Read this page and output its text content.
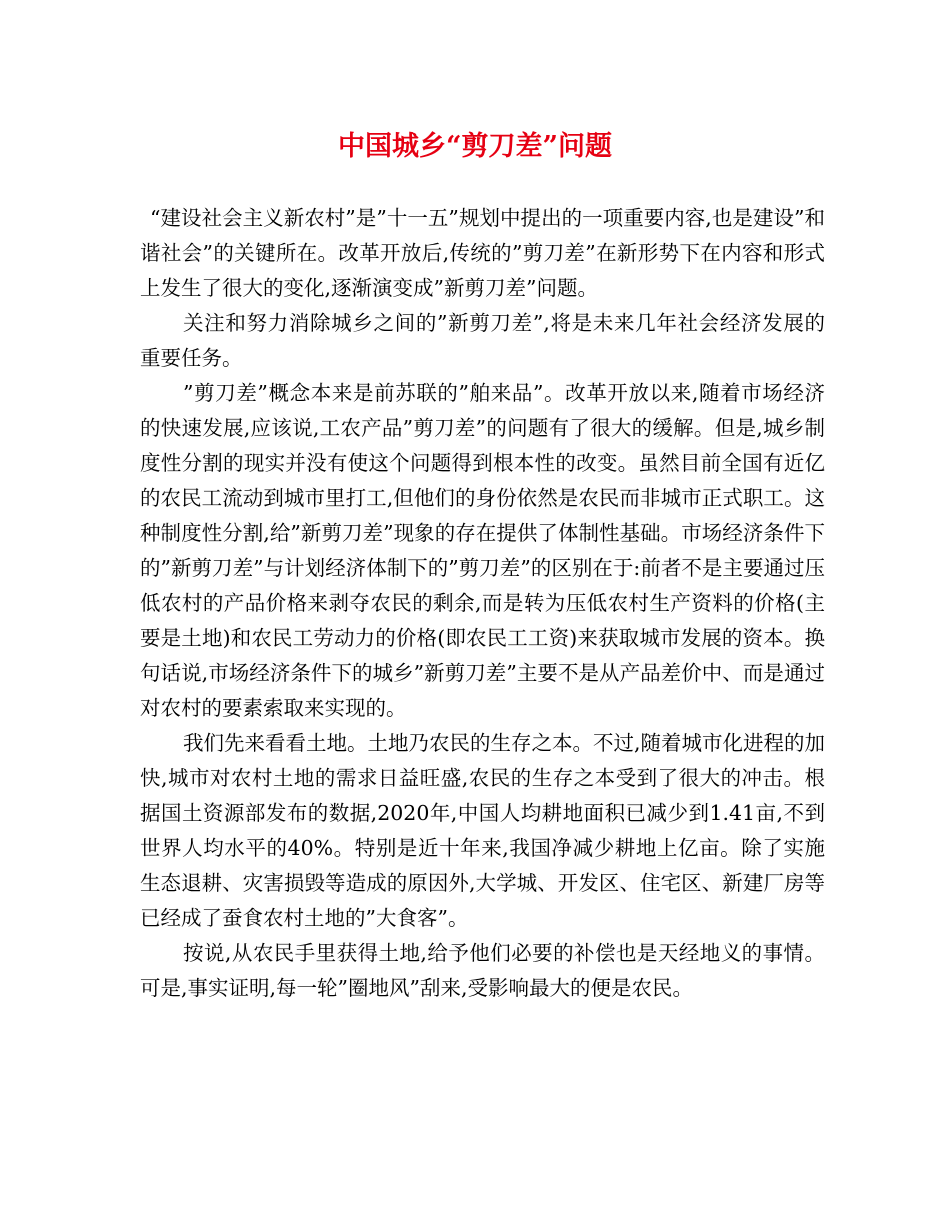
中国城乡“剪刀差”问题

“建设社会主义新农村”是”十一五”规划中提出的一项重要内容,也是建设”和谐社会”的关键所在。改革开放后,传统的”剪刀差”在新形势下在内容和形式上发生了很大的变化,逐渐演变成”新剪刀差”问题。

关注和努力消除城乡之间的”新剪刀差”,将是未来几年社会经济发展的重要任务。

”剪刀差”概念本来是前苏联的”舶来品”。改革开放以来,随着市场经济的快速发展,应该说,工农产品”剪刀差”的问题有了很大的缓解。但是,城乡制度性分割的现实并没有使这个问题得到根本性的改变。虽然目前全国有近亿的农民工流动到城市里打工,但他们的身份依然是农民而非城市正式职工。这种制度性分割,给”新剪刀差”现象的存在提供了体制性基础。市场经济条件下的”新剪刀差”与计划经济体制下的”剪刀差”的区别在于:前者不是主要通过压低农村的产品价格来剥夺农民的剩余,而是转为压低农村生产资料的价格(主要是土地)和农民工劳动力的价格(即农民工工资)来获取城市发展的资本。换句话说,市场经济条件下的城乡”新剪刀差”主要不是从产品差价中、而是通过对农村的要素索取来实现的。

我们先来看看土地。土地乃农民的生存之本。不过,随着城市化进程的加快,城市对农村土地的需求日益旺盛,农民的生存之本受到了很大的冲击。根据国土资源部发布的数据,2020年,中国人均耕地面积已减少到1.41亩,不到世界人均水平的40%。特别是近十年来,我国净减少耕地上亿亩。除了实施生态退耕、灾害损毁等造成的原因外,大学城、开发区、住宅区、新建厂房等已经成了蚕食农村土地的”大食客”。

按说,从农民手里获得土地,给予他们必要的补偿也是天经地义的事情。可是,事实证明,每一轮”圈地风”刮来,受影响最大的便是农民。
